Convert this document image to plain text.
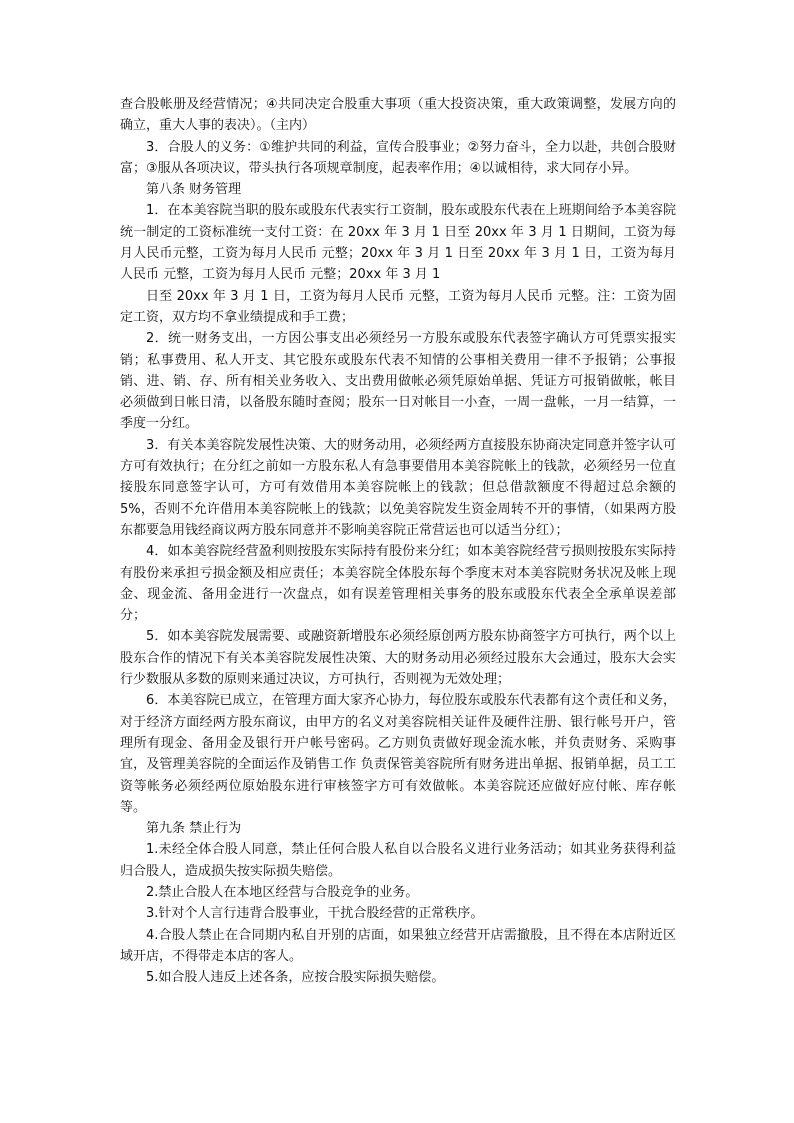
查合股帐册及经营情况；④共同决定合股重大事项（重大投资决策，重大政策调整，发展方向的确立，重大人事的表决）。（主内）

3．合股人的义务：①维护共同的利益，宣传合股事业；②努力奋斗，全力以赴，共创合股财富；③服从各项决议，带头执行各项规章制度，起表率作用；④以诚相待，求大同存小异。

第八条 财务管理

1．在本美容院当职的股东或股东代表实行工资制，股东或股东代表在上班期间给予本美容院统一制定的工资标准统一支付工资：在 20xx 年 3 月 1 日至 20xx 年 3 月 1 日期间，工资为每月人民币元整，工资为每月人民币 元整；20xx 年 3 月 1 日至 20xx 年 3 月 1 日，工资为每月人民币 元整，工资为每月人民币 元整；20xx 年 3 月 1

日至 20xx 年 3 月 1 日，工资为每月人民币 元整，工资为每月人民币 元整。注：工资为固定工资，双方均不拿业绩提成和手工费；

2．统一财务支出，一方因公事支出必须经另一方股东或股东代表签字确认方可凭票实报实销；私事费用、私人开支、其它股东或股东代表不知情的公事相关费用一律不予报销；公事报销、进、销、存、所有相关业务收入、支出费用做帐必须凭原始单据、凭证方可报销做帐，帐目必须做到日帐日清，以备股东随时查阅；股东一日对帐目一小查，一周一盘帐，一月一结算，一季度一分红。

3．有关本美容院发展性决策、大的财务动用，必须经两方直接股东协商决定同意并签字认可方可有效执行；在分红之前如一方股东私人有急事要借用本美容院帐上的钱款，必须经另一位直接股东同意签字认可，方可有效借用本美容院帐上的钱款；但总借款额度不得超过总余额的 5%，否则不允许借用本美容院帐上的钱款；以免美容院发生资金周转不开的事情，（如果两方股东都要急用钱经商议两方股东同意并不影响美容院正常营运也可以适当分红）；

4．如本美容院经营盈利则按股东实际持有股份来分红；如本美容院经营亏损则按股东实际持有股份来承担亏损金额及相应责任；本美容院全体股东每个季度末对本美容院财务状况及帐上现金、现金流、备用金进行一次盘点，如有误差管理相关事务的股东或股东代表全全承单误差部分；

5．如本美容院发展需要、或融资新增股东必须经原创两方股东协商签字方可执行，两个以上股东合作的情况下有关本美容院发展性决策、大的财务动用必须经过股东大会通过，股东大会实行少数服从多数的原则来通过决议，方可执行，否则视为无效处理；

6．本美容院已成立，在管理方面大家齐心协力，每位股东或股东代表都有这个责任和义务，对于经济方面经两方股东商议，由甲方的名义对美容院相关证件及硬件注册、银行帐号开户，管理所有现金、备用金及银行开户帐号密码。乙方则负责做好现金流水帐，并负责财务、采购事宜，及管理美容院的全面运作及销售工作 负责保管美容院所有财务进出单据、报销单据，员工工资等帐务必须经两位原始股东进行审核签字方可有效做帐。本美容院还应做好应付帐、库存帐等。

第九条 禁止行为

1.未经全体合股人同意，禁止任何合股人私自以合股名义进行业务活动；如其业务获得利益归合股人，造成损失按实际损失赔偿。

2.禁止合股人在本地区经营与合股竞争的业务。

3.针对个人言行违背合股事业，干扰合股经营的正常秩序。

4.合股人禁止在合同期内私自开别的店面，如果独立经营开店需撤股，且不得在本店附近区域开店，不得带走本店的客人。

5.如合股人违反上述各条，应按合股实际损失赔偿。
